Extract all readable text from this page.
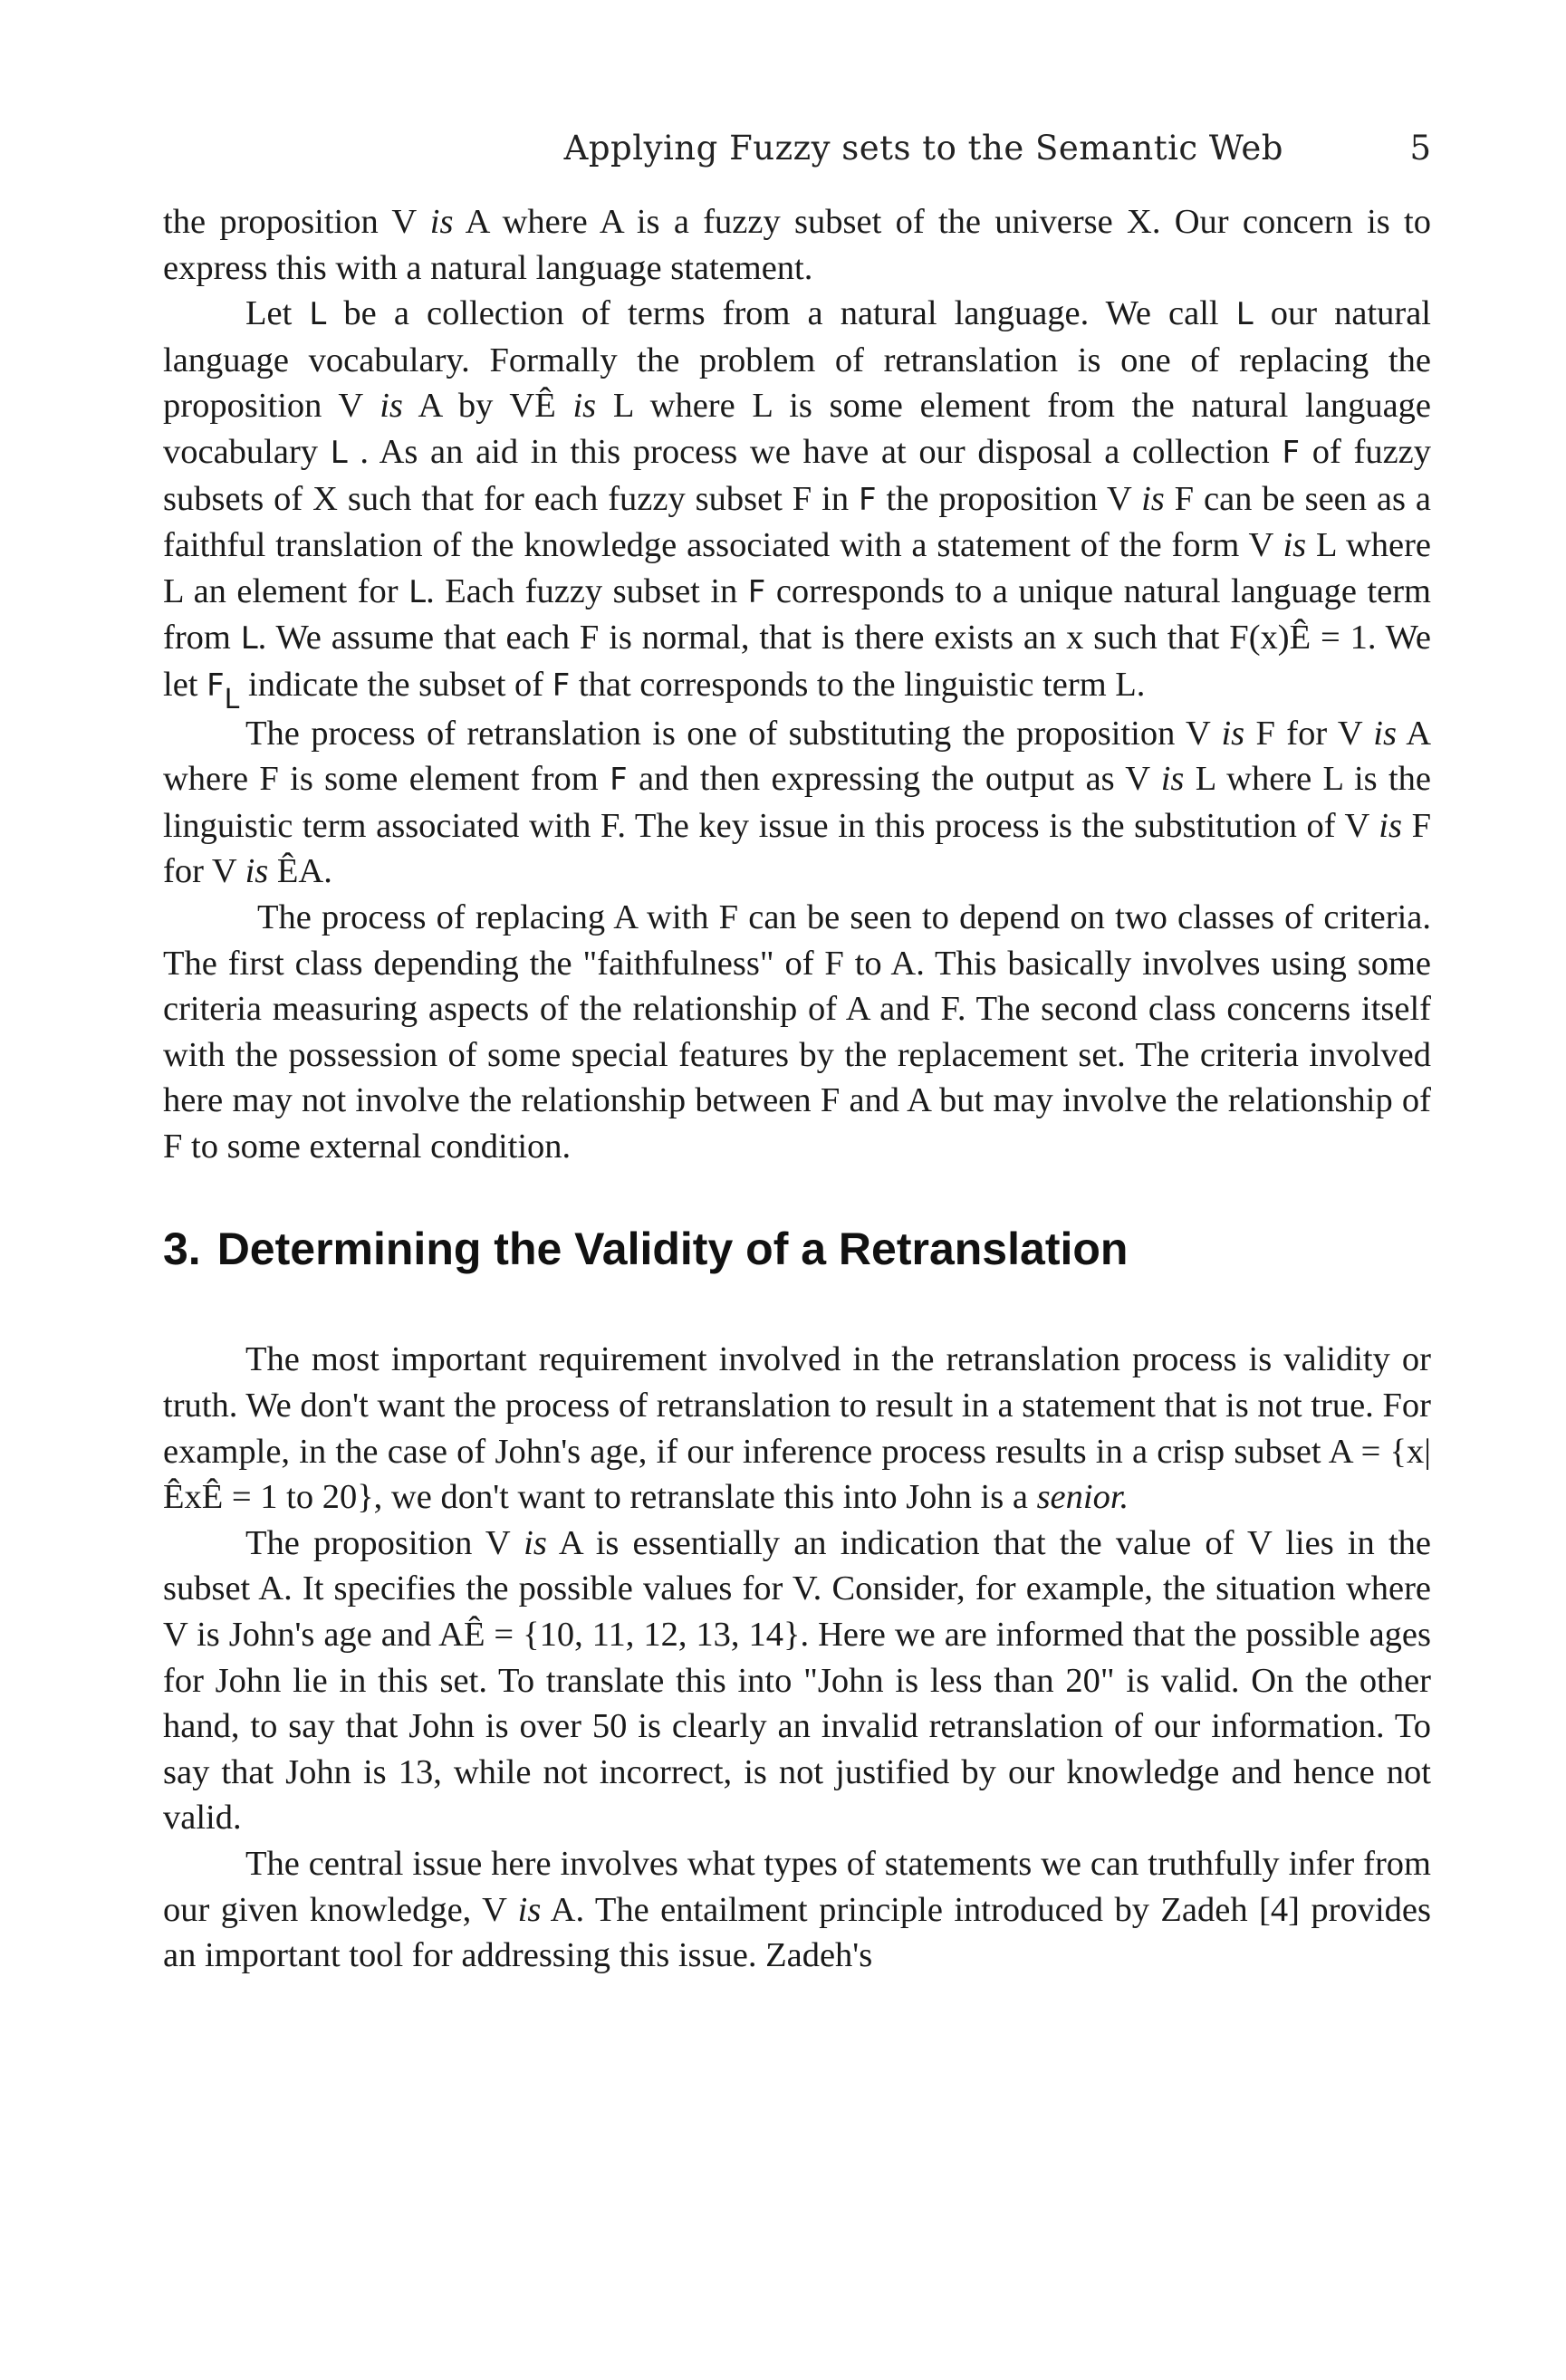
Applying Fuzzy sets to the Semantic Web	5

the proposition V is A where A is a fuzzy subset of the universe X. Our concern is to express this with a natural language statement.

Let L be a collection of terms from a natural language. We call L our natural language vocabulary. Formally the problem of retranslation is one of replacing the proposition V is A by VÊ is L where L is some element from the natural language vocabulary L . As an aid in this process we have at our disposal a collection F of fuzzy subsets of X such that for each fuzzy subset F in F the proposition V is F can be seen as a faithful translation of the knowledge associated with a statement of the form V is L where L an element for L. Each fuzzy subset in F corresponds to a unique natural language term from L. We assume that each F is normal, that is there exists an x such that F(x)Ê = 1. We let $F_L$ indicate the subset of F that corresponds to the linguistic term L.

The process of retranslation is one of substituting the proposition V is F for V is A where F is some element from F and then expressing the output as V is L where L is the linguistic term associated with F. The key issue in this process is the substitution of V is F for V is ÊA.

The process of replacing A with F can be seen to depend on two classes of criteria. The first class depending the "faithfulness" of F to A. This basically involves using some criteria measuring aspects of the relationship of A and F. The second class concerns itself with the possession of some special features by the replacement set. The criteria involved here may not involve the relationship between F and A but may involve the relationship of F to some external condition.

3. Determining the Validity of a Retranslation

The most important requirement involved in the retranslation process is validity or truth. We don't want the process of retranslation to result in a statement that is not true. For example, in the case of John's age, if our inference process results in a crisp subset A = {x|ÊxÊ = 1 to 20}, we don't want to retranslate this into John is a senior.

The proposition V is A is essentially an indication that the value of V lies in the subset A. It specifies the possible values for V. Consider, for example, the situation where V is John's age and AÊ = {10, 11, 12, 13, 14}. Here we are informed that the possible ages for John lie in this set. To translate this into "John is less than 20" is valid. On the other hand, to say that John is over 50 is clearly an invalid retranslation of our information. To say that John is 13, while not incorrect, is not justified by our knowledge and hence not valid.

The central issue here involves what types of statements we can truthfully infer from our given knowledge, V is A. The entailment principle introduced by Zadeh [4] provides an important tool for addressing this issue. Zadeh's
